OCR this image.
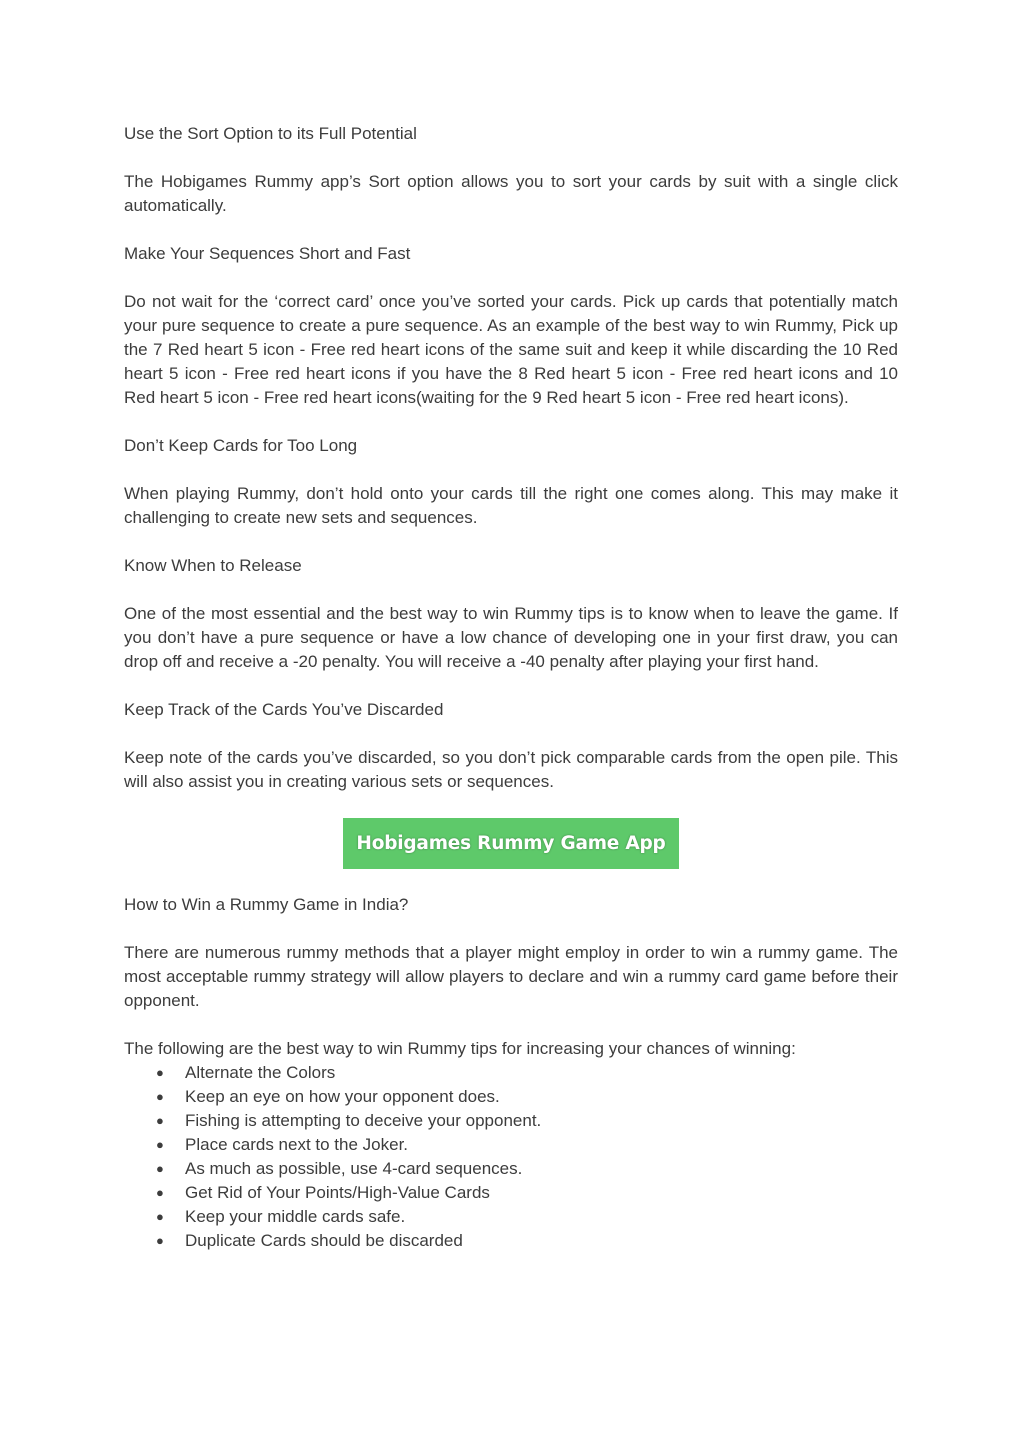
Use the Sort Option to its Full Potential

The Hobigames Rummy app’s Sort option allows you to sort your cards by suit with a single click automatically.

Make Your Sequences Short and Fast

Do not wait for the ‘correct card’ once you’ve sorted your cards. Pick up cards that potentially match your pure sequence to create a pure sequence. As an example of the best way to win Rummy, Pick up the 7 Red heart 5 icon - Free red heart icons of the same suit and keep it while discarding the 10 Red heart 5 icon - Free red heart icons if you have the 8 Red heart 5 icon - Free red heart icons and 10 Red heart 5 icon - Free red heart icons(waiting for the 9 Red heart 5 icon - Free red heart icons).

Don’t Keep Cards for Too Long

When playing Rummy, don’t hold onto your cards till the right one comes along. This may make it challenging to create new sets and sequences.

Know When to Release

One of the most essential and the best way to win Rummy tips is to know when to leave the game. If you don’t have a pure sequence or have a low chance of developing one in your first draw, you can drop off and receive a -20 penalty. You will receive a -40 penalty after playing your first hand.

Keep Track of the Cards You’ve Discarded

Keep note of the cards you’ve discarded, so you don’t pick comparable cards from the open pile. This will also assist you in creating various sets or sequences.

Hobigames Rummy Game App

How to Win a Rummy Game in India?

There are numerous rummy methods that a player might employ in order to win a rummy game. The most acceptable rummy strategy will allow players to declare and win a rummy card game before their opponent.

The following are the best way to win Rummy tips for increasing your chances of winning:

● Alternate the Colors
● Keep an eye on how your opponent does.
● Fishing is attempting to deceive your opponent.
● Place cards next to the Joker.
● As much as possible, use 4-card sequences.
● Get Rid of Your Points/High-Value Cards
● Keep your middle cards safe.
● Duplicate Cards should be discarded
